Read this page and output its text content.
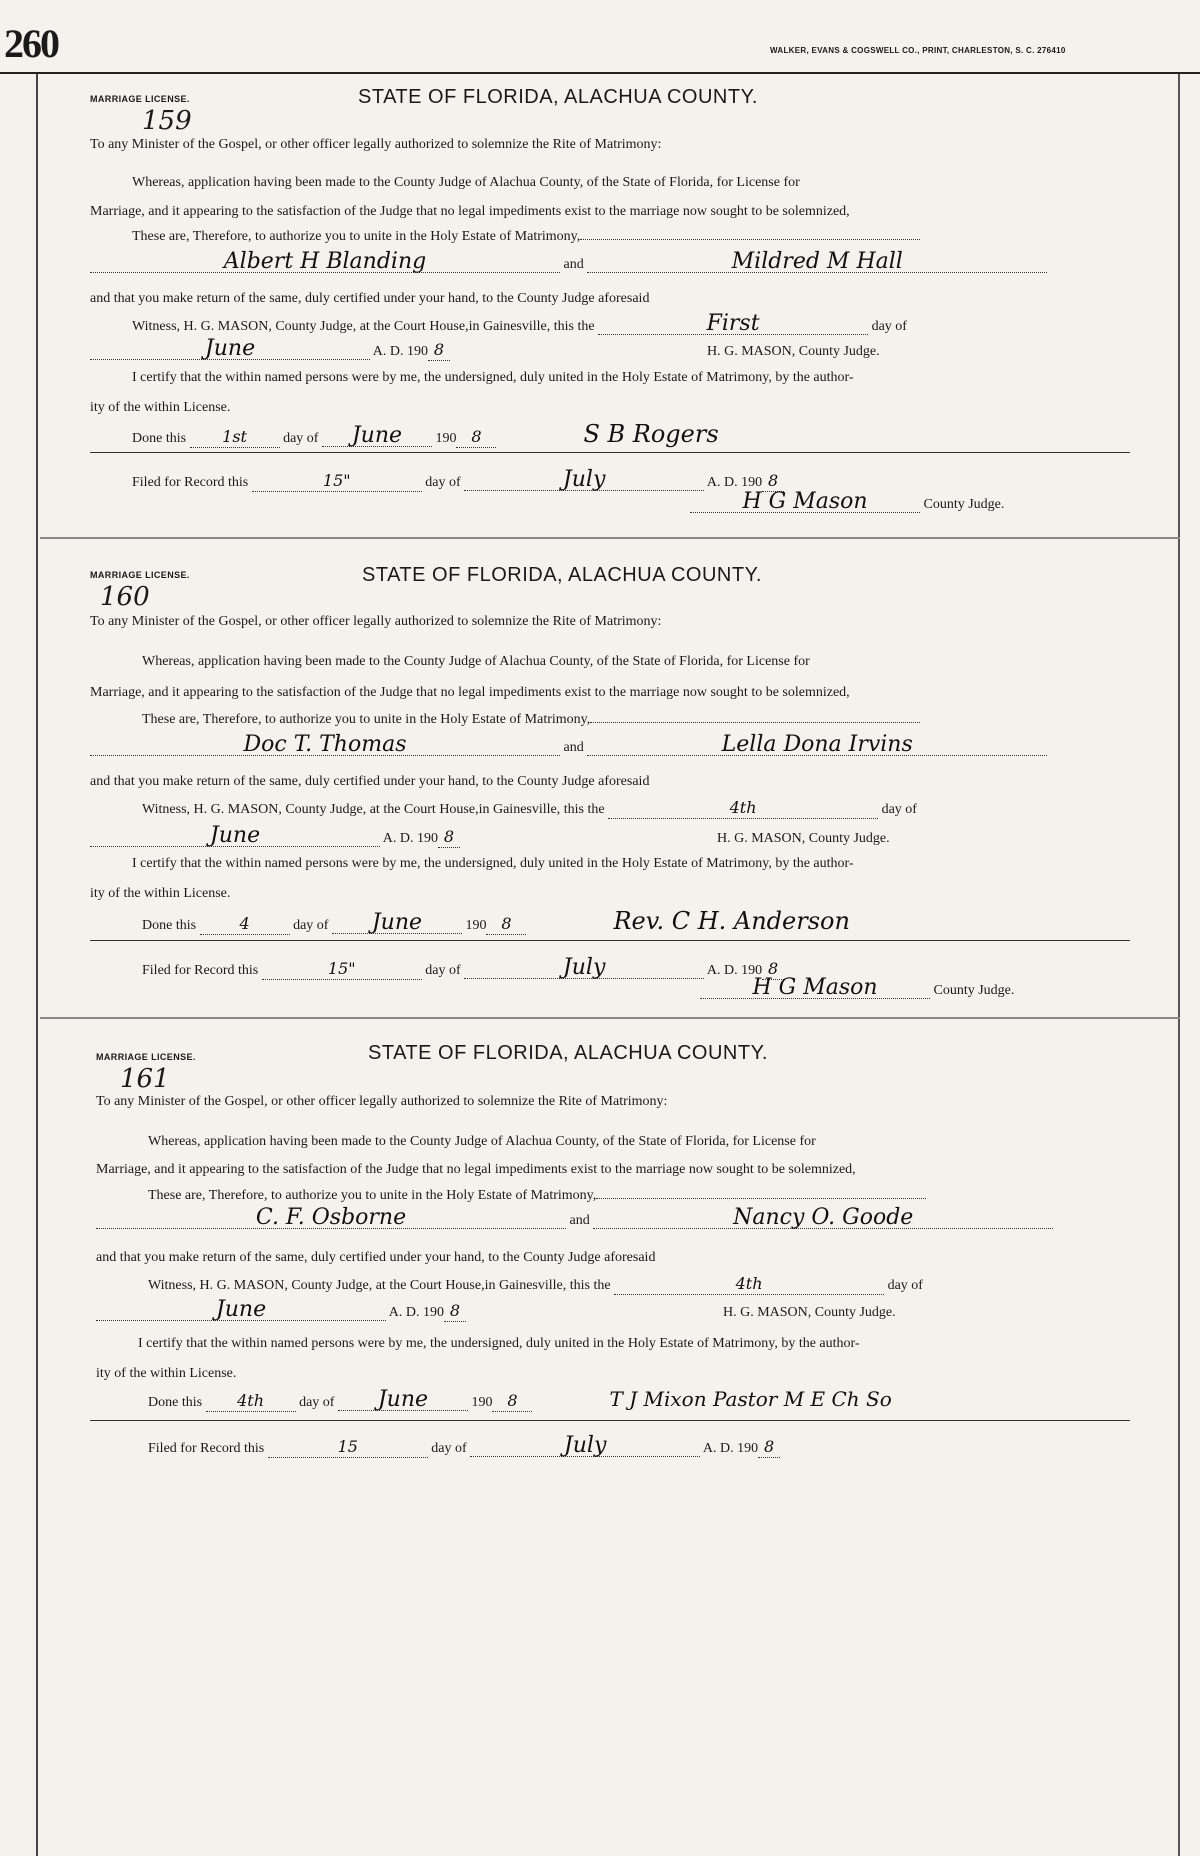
260	WALKER, EVANS & COGSWELL CO., PRINT, CHARLESTON, S. C. 276410
MARRIAGE LICENSE.	STATE OF FLORIDA, ALACHUA COUNTY.
159
To any Minister of the Gospel, or other officer legally authorized to solemnize the Rite of Matrimony:
Whereas, application having been made to the County Judge of Alachua County, of the State of Florida, for License for
Marriage, and it appearing to the satisfaction of the Judge that no legal impediments exist to the marriage now sought to be solemnized,
These are, Therefore, to authorize you to unite in the Holy Estate of Matrimony,
Albert H Blanding	and	Mildred M Hall
and that you make return of the same, duly certified under your hand, to the County Judge aforesaid
Witness, H. G. MASON, County Judge, at the Court House,in Gainesville, this the	First	day of
June	A. D. 190 8	H. G. MASON, County Judge.
I certify that the within named persons were by me, the undersigned, duly united in the Holy Estate of Matrimony, by the author-
ity of the within License.
Done this 1st	day of June 190 8	S B Rogers
Filed for Record this	15"	day of	July	A. D. 190 8
H G Mason	County Judge.
MARRIAGE LICENSE.	STATE OF FLORIDA, ALACHUA COUNTY.
160
To any Minister of the Gospel, or other officer legally authorized to solemnize the Rite of Matrimony:
Whereas, application having been made to the County Judge of Alachua County, of the State of Florida, for License for
Marriage, and it appearing to the satisfaction of the Judge that no legal impediments exist to the marriage now sought to be solemnized,
These are, Therefore, to authorize you to unite in the Holy Estate of Matrimony,
Doc T. Thomas	and	Lella Dona Irvins
and that you make return of the same, duly certified under your hand, to the County Judge aforesaid
Witness, H. G. MASON, County Judge, at the Court House,in Gainesville, this the	4th	day of
June	A. D. 190 8	H. G. MASON, County Judge.
I certify that the within named persons were by me, the undersigned, duly united in the Holy Estate of Matrimony, by the author-
ity of the within License.
Done this	4	day of June	190 8	Rev. C H. Anderson
Filed for Record this	15"	day of	July	A. D. 190 8
H G Mason	County Judge.
MARRIAGE LICENSE.	STATE OF FLORIDA, ALACHUA COUNTY.
161
To any Minister of the Gospel, or other officer legally authorized to solemnize the Rite of Matrimony:
Whereas, application having been made to the County Judge of Alachua County, of the State of Florida, for License for
Marriage, and it appearing to the satisfaction of the Judge that no legal impediments exist to the marriage now sought to be solemnized,
These are, Therefore, to authorize you to unite in the Holy Estate of Matrimony,
C. F. Osborne	and	Nancy O. Goode
and that you make return of the same, duly certified under your hand, to the County Judge aforesaid
Witness, H. G. MASON, County Judge, at the Court House,in Gainesville, this the	4th	day of
June	A. D. 190 8	H. G. MASON, County Judge.
I certify that the within named persons were by me, the undersigned, duly united in the Holy Estate of Matrimony, by the author-
ity of the within License.
Done this 4th	day of June	190 8	T J Mixon Pastor M E Ch So
Filed for Record this	15	day of	July	A. D. 190 8
